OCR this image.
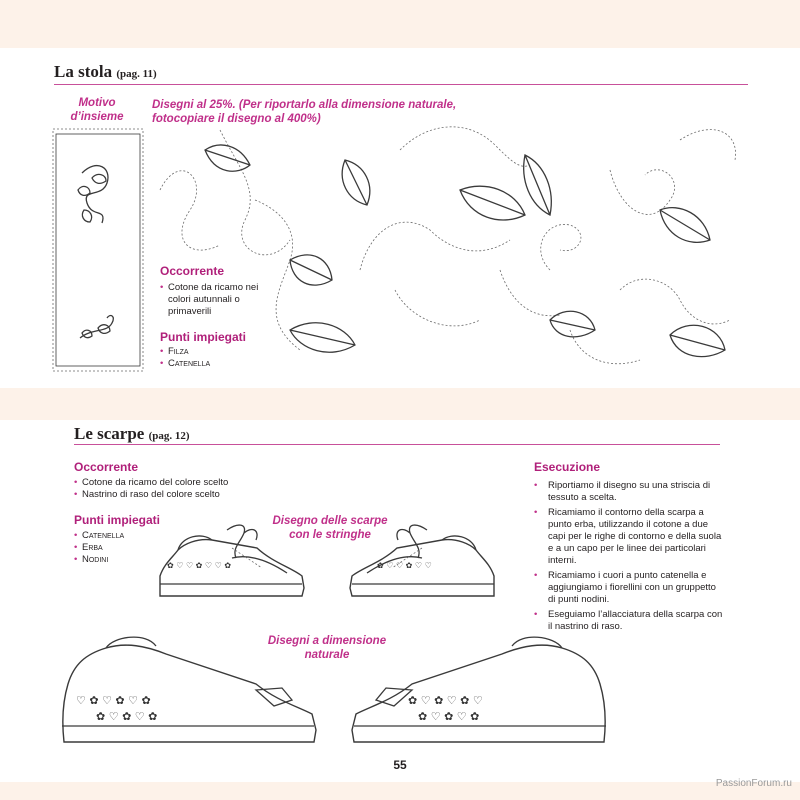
La stola (pag. 11)
Motivo d’insieme
Disegni al 25%. (Per riportarlo alla dimensione naturale, fotocopiare il disegno al 400%)
Occorrente
• Cotone da ricamo nei colori autunnali o primaverili
Punti impiegati
• Filza
• Catenella
Le scarpe (pag. 12)
Occorrente
• Cotone da ricamo del colore scelto
• Nastrino di raso del colore scelto
Punti impiegati
• Catenella
• Erba
• Nodini
Disegno delle scarpe con le stringhe
Disegni a dimensione naturale
✿ ♡ ♡ ✿ ♡ ♡ ✿	✿ ♡ ♡ ✿ ♡ ♡
♡ ✿ ♡ ✿ ♡ ✿
✿ ♡ ✿ ♡ ✿
✿ ♡ ✿ ♡ ✿ ♡
✿ ♡ ✿ ♡ ✿
Esecuzione
• Riportiamo il disegno su una striscia di tessuto a scelta.
• Ricamiamo il contorno della scarpa a punto erba, utilizzando il cotone a due capi per le righe di contorno e della suola e a un capo per le linee dei particolari interni.
• Ricamiamo i cuori a punto catenella e aggiungiamo i fiorellini con un gruppetto di punti nodini.
• Eseguiamo l’allacciatura della scarpa con il nastrino di raso.
55
PassionForum.ru
